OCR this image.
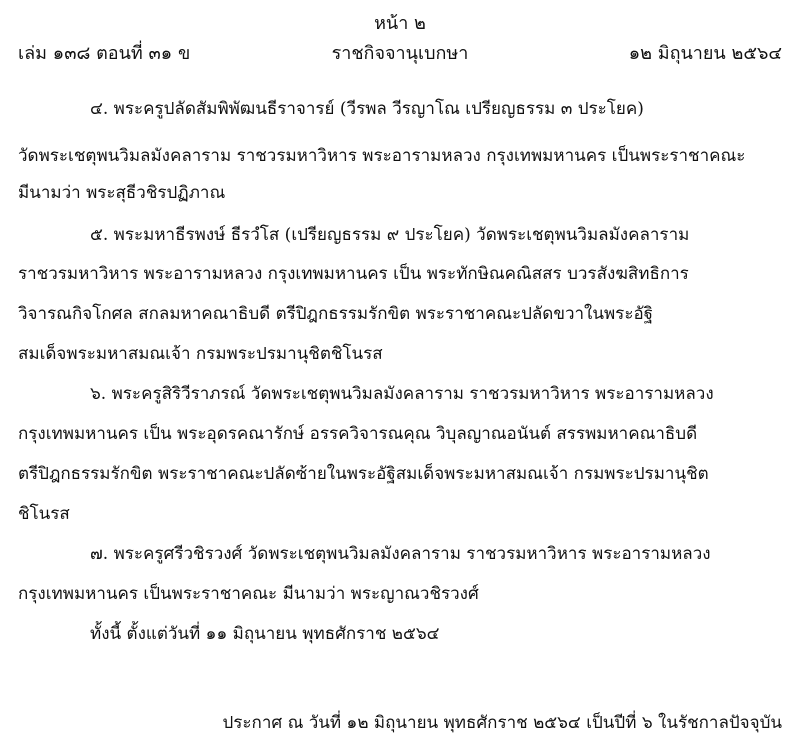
หน้า ๒
เล่ม ๑๓๘ ตอนที่ ๓๑ ข	ราชกิจจานุเบกษา	๑๒ มิถุนายน ๒๕๖๔
๔. พระครูปลัดสัมพิพัฒนธีราจารย์ (วีรพล วีรญาโณ เปรียญธรรม ๓ ประโยค)
วัดพระเชตุพนวิมลมังคลาราม ราชวรมหาวิหาร พระอารามหลวง กรุงเทพมหานคร เป็นพระราชาคณะ
มีนามว่า พระสุธีวชิรปฏิภาณ
๕. พระมหาธีรพงษ์ ธีรวํโส (เปรียญธรรม ๙ ประโยค) วัดพระเชตุพนวิมลมังคลาราม
ราชวรมหาวิหาร พระอารามหลวง กรุงเทพมหานคร เป็น พระทักษิณคณิสสร บวรสังฆสิทธิการ
วิจารณกิจโกศล สกลมหาคณาธิบดี ตรีปิฎกธรรมรักขิต พระราชาคณะปลัดขวาในพระอัฐิ
สมเด็จพระมหาสมณเจ้า กรมพระปรมานุชิตชิโนรส
๖. พระครูสิริวีราภรณ์ วัดพระเชตุพนวิมลมังคลาราม ราชวรมหาวิหาร พระอารามหลวง
กรุงเทพมหานคร เป็น พระอุดรคณารักษ์ อรรควิจารณคุณ วิบุลญาณอนันต์ สรรพมหาคณาธิบดี
ตรีปิฎกธรรมรักขิต พระราชาคณะปลัดซ้ายในพระอัฐิสมเด็จพระมหาสมณเจ้า กรมพระปรมานุชิต
ชิโนรส
๗. พระครูศรีวชิรวงศ์ วัดพระเชตุพนวิมลมังคลาราม ราชวรมหาวิหาร พระอารามหลวง
กรุงเทพมหานคร เป็นพระราชาคณะ มีนามว่า พระญาณวชิรวงศ์
ทั้งนี้ ตั้งแต่วันที่ ๑๑ มิถุนายน พุทธศักราช ๒๕๖๔
ประกาศ ณ วันที่ ๑๒ มิถุนายน พุทธศักราช ๒๕๖๔ เป็นปีที่ ๖ ในรัชกาลปัจจุบัน
